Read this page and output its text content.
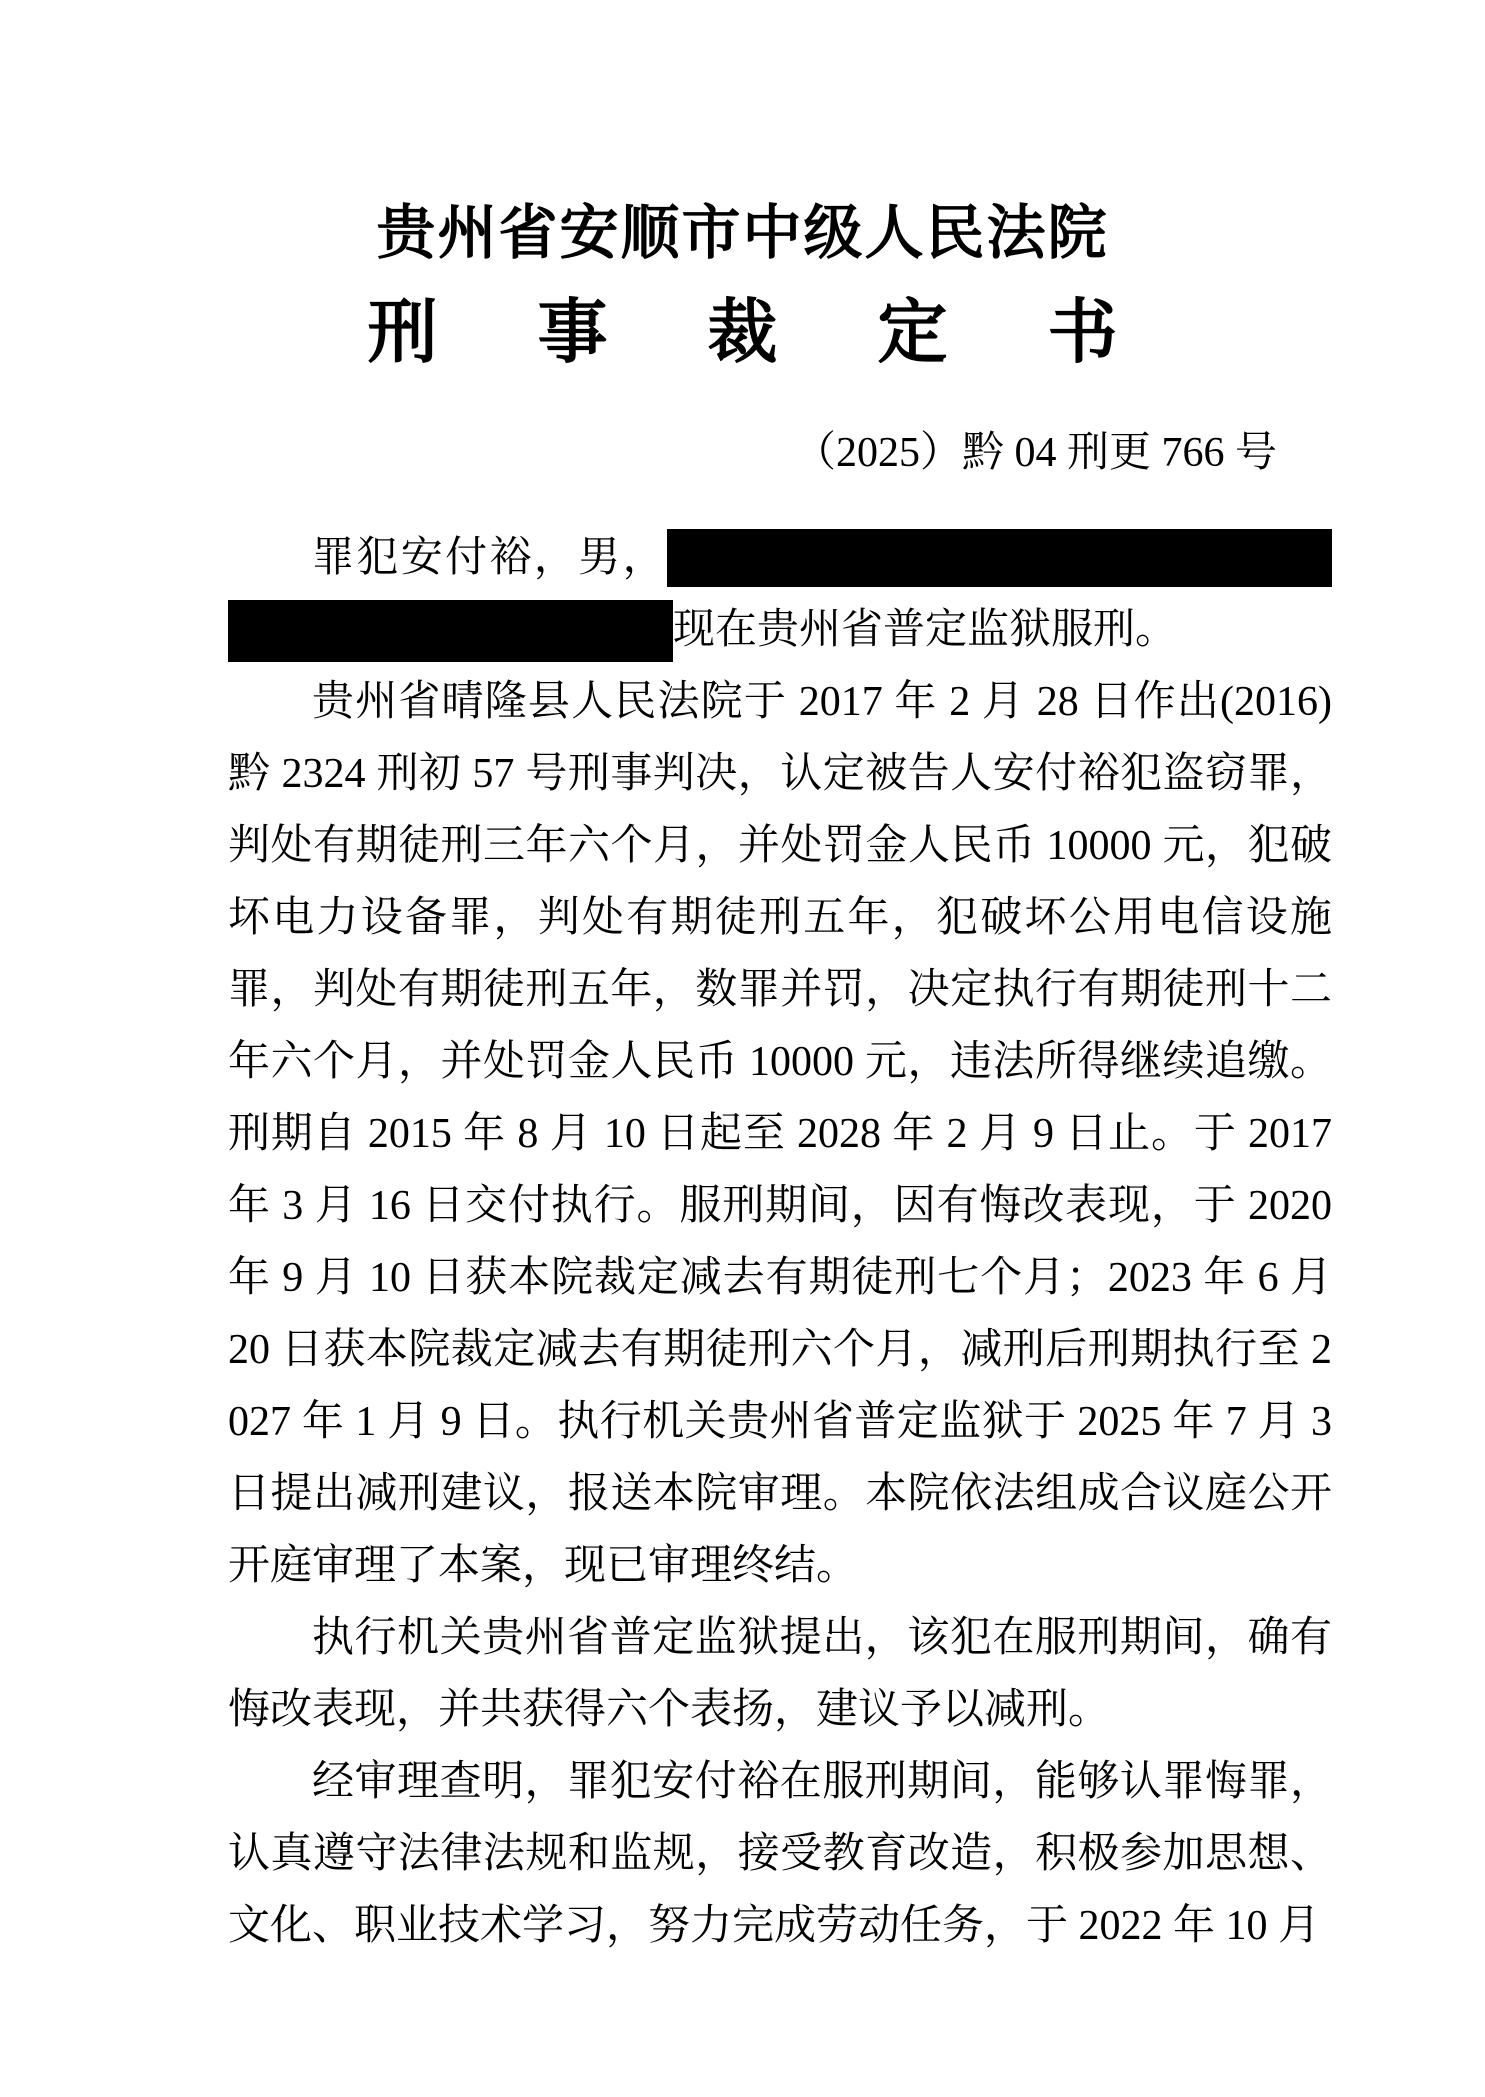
贵州省安顺市中级人民法院
刑事裁定书
（2025）黔 04 刑更 766 号

罪犯安付裕，男，现在贵州省普定监狱服刑。

贵州省晴隆县人民法院于 2017 年 2 月 28 日作出(2016)黔 2324 刑初 57 号刑事判决，认定被告人安付裕犯盗窃罪，判处有期徒刑三年六个月，并处罚金人民币 10000 元，犯破坏电力设备罪，判处有期徒刑五年，犯破坏公用电信设施罪，判处有期徒刑五年，数罪并罚，决定执行有期徒刑十二年六个月，并处罚金人民币 10000 元，违法所得继续追缴。刑期自 2015 年 8 月 10 日起至 2028 年 2 月 9 日止。于 2017 年 3 月 16 日交付执行。服刑期间，因有悔改表现，于 2020 年 9 月 10 日获本院裁定减去有期徒刑七个月；2023 年 6 月 20 日获本院裁定减去有期徒刑六个月，减刑后刑期执行至 2027 年 1 月 9 日。执行机关贵州省普定监狱于 2025 年 7 月 3 日提出减刑建议，报送本院审理。本院依法组成合议庭公开开庭审理了本案，现已审理终结。

执行机关贵州省普定监狱提出，该犯在服刑期间，确有悔改表现，并共获得六个表扬，建议予以减刑。

经审理查明，罪犯安付裕在服刑期间，能够认罪悔罪，认真遵守法律法规和监规，接受教育改造，积极参加思想、文化、职业技术学习，努力完成劳动任务，于 2022 年 10 月
